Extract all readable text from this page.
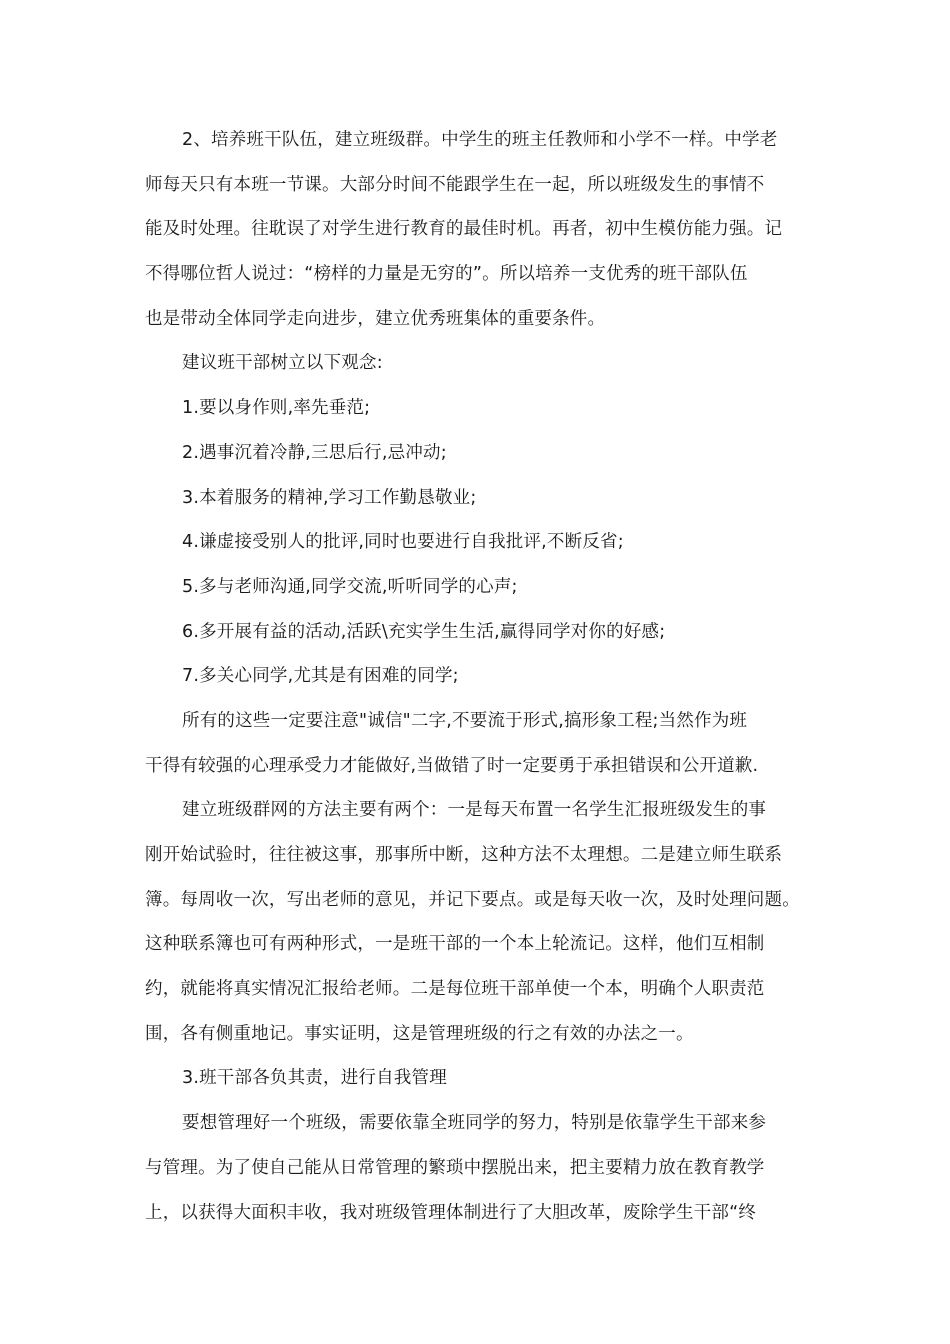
2、培养班干队伍，建立班级群。中学生的班主任教师和小学不一样。中学老
师每天只有本班一节课。大部分时间不能跟学生在一起，所以班级发生的事情不
能及时处理。往耽误了对学生进行教育的最佳时机。再者，初中生模仿能力强。记
不得哪位哲人说过：“榜样的力量是无穷的”。所以培养一支优秀的班干部队伍
也是带动全体同学走向进步，建立优秀班集体的重要条件。
建议班干部树立以下观念:
1.要以身作则,率先垂范;
2.遇事沉着冷静,三思后行,忌冲动;
3.本着服务的精神,学习工作勤恳敬业;
4.谦虚接受别人的批评,同时也要进行自我批评,不断反省;
5.多与老师沟通,同学交流,听听同学的心声;
6.多开展有益的活动,活跃\充实学生生活,赢得同学对你的好感;
7.多关心同学,尤其是有困难的同学;
所有的这些一定要注意"诚信"二字,不要流于形式,搞形象工程;当然作为班
干得有较强的心理承受力才能做好,当做错了时一定要勇于承担错误和公开道歉.
建立班级群网的方法主要有两个：一是每天布置一名学生汇报班级发生的事
刚开始试验时，往往被这事，那事所中断，这种方法不太理想。二是建立师生联系
簿。每周收一次，写出老师的意见，并记下要点。或是每天收一次，及时处理问题。
这种联系簿也可有两种形式，一是班干部的一个本上轮流记。这样，他们互相制
约，就能将真实情况汇报给老师。二是每位班干部单使一个本，明确个人职责范
围，各有侧重地记。事实证明，这是管理班级的行之有效的办法之一。
3.班干部各负其责，进行自我管理
要想管理好一个班级，需要依靠全班同学的努力，特别是依靠学生干部来参
与管理。为了使自己能从日常管理的繁琐中摆脱出来，把主要精力放在教育教学
上，以获得大面积丰收，我对班级管理体制进行了大胆改革，废除学生干部“终
